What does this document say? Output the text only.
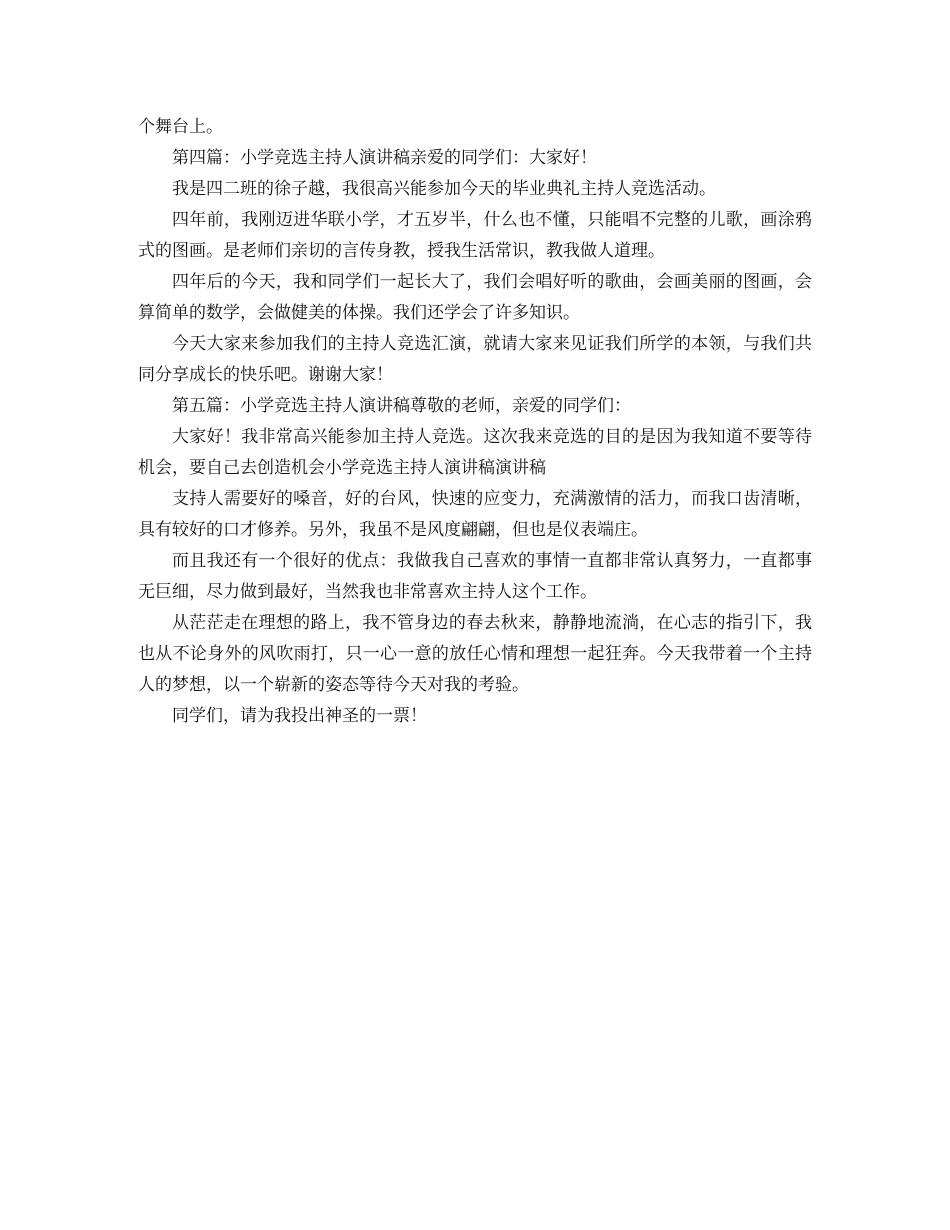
个舞台上。

第四篇：小学竞选主持人演讲稿亲爱的同学们：大家好！

我是四二班的徐子越，我很高兴能参加今天的毕业典礼主持人竞选活动。

四年前，我刚迈进华联小学，才五岁半，什么也不懂，只能唱不完整的儿歌，画涂鸦式的图画。是老师们亲切的言传身教，授我生活常识，教我做人道理。

四年后的今天，我和同学们一起长大了，我们会唱好听的歌曲，会画美丽的图画，会算简单的数学，会做健美的体操。我们还学会了许多知识。

今天大家来参加我们的主持人竞选汇演，就请大家来见证我们所学的本领，与我们共同分享成长的快乐吧。谢谢大家！

第五篇：小学竞选主持人演讲稿尊敬的老师，亲爱的同学们：

大家好！我非常高兴能参加主持人竞选。这次我来竞选的目的是因为我知道不要等待机会，要自己去创造机会小学竞选主持人演讲稿演讲稿

支持人需要好的嗓音，好的台风，快速的应变力，充满激情的活力，而我口齿清晰，具有较好的口才修养。另外，我虽不是风度翩翩，但也是仪表端庄。

而且我还有一个很好的优点：我做我自己喜欢的事情一直都非常认真努力，一直都事无巨细，尽力做到最好，当然我也非常喜欢主持人这个工作。

从茫茫走在理想的路上，我不管身边的春去秋来，静静地流淌，在心志的指引下，我也从不论身外的风吹雨打，只一心一意的放任心情和理想一起狂奔。今天我带着一个主持人的梦想，以一个崭新的姿态等待今天对我的考验。

同学们，请为我投出神圣的一票！
